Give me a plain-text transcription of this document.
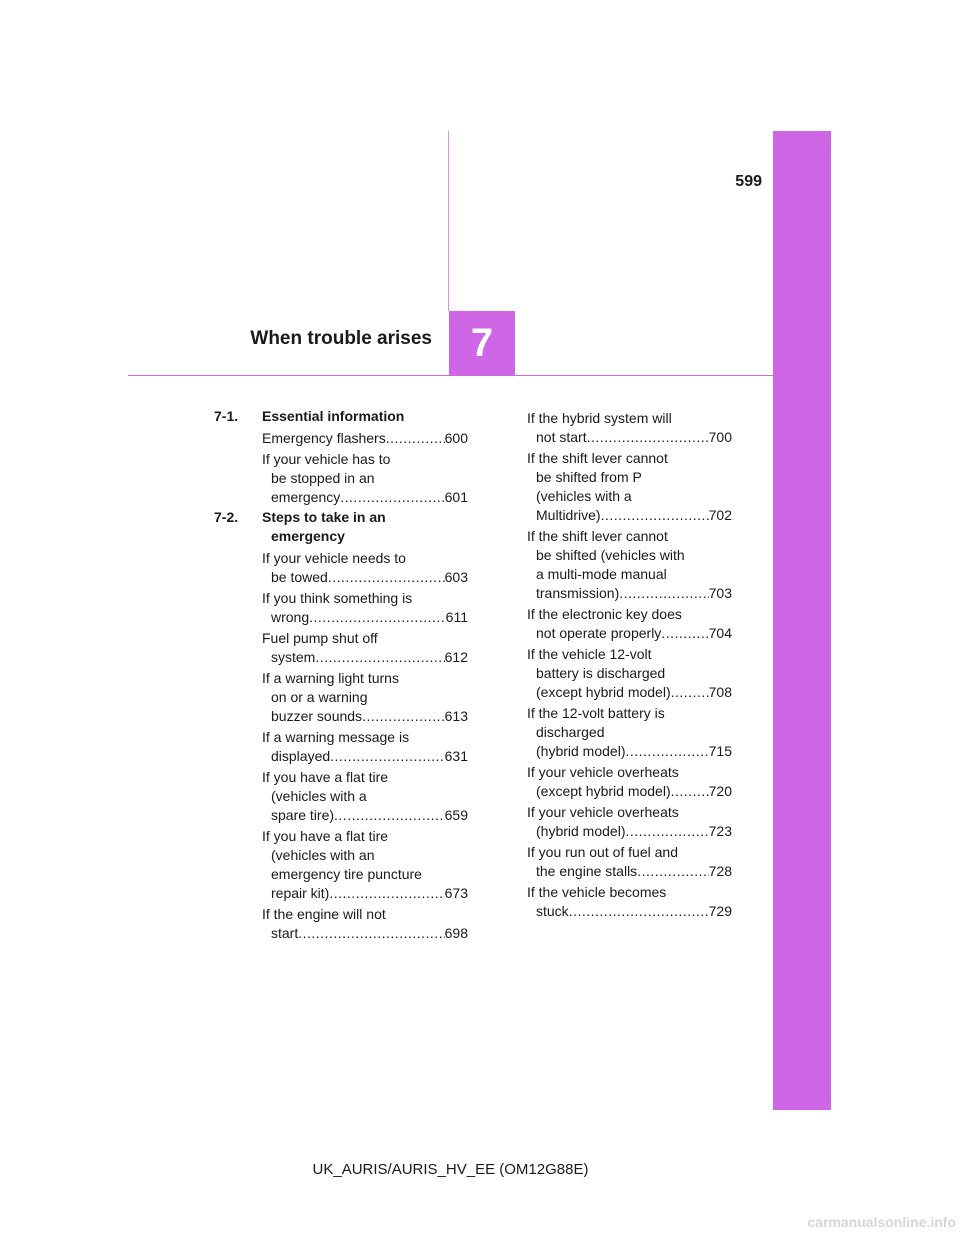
599
7
When trouble arises
7-1. Essential information
Emergency flashers .....	600
If your vehicle has to
be stopped in an
emergency .....	601
7-2. Steps to take in an
emergency
If your vehicle needs to
be towed .....	603
If you think something is
wrong .....	611
Fuel pump shut off
system .....	612
If a warning light turns
on or a warning
buzzer sounds .....	613
If a warning message is
displayed .....	631
If you have a flat tire
(vehicles with a
spare tire) .....	659
If you have a flat tire
(vehicles with an
emergency tire puncture
repair kit) .....	673
If the engine will not
start .....	698
If the hybrid system will
not start .....	700
If the shift lever cannot
be shifted from P
(vehicles with a
Multidrive) .....	702
If the shift lever cannot
be shifted (vehicles with
a multi-mode manual
transmission) .....	703
If the electronic key does
not operate properly .....	704
If the vehicle 12-volt
battery is discharged
(except hybrid model) .....	708
If the 12-volt battery is
discharged
(hybrid model) .....	715
If your vehicle overheats
(except hybrid model) .....	720
If your vehicle overheats
(hybrid model) .....	723
If you run out of fuel and
the engine stalls .....	728
If the vehicle becomes
stuck .....	729
UK_AURIS/AURIS_HV_EE (OM12G88E)
carmanualsonline.info
